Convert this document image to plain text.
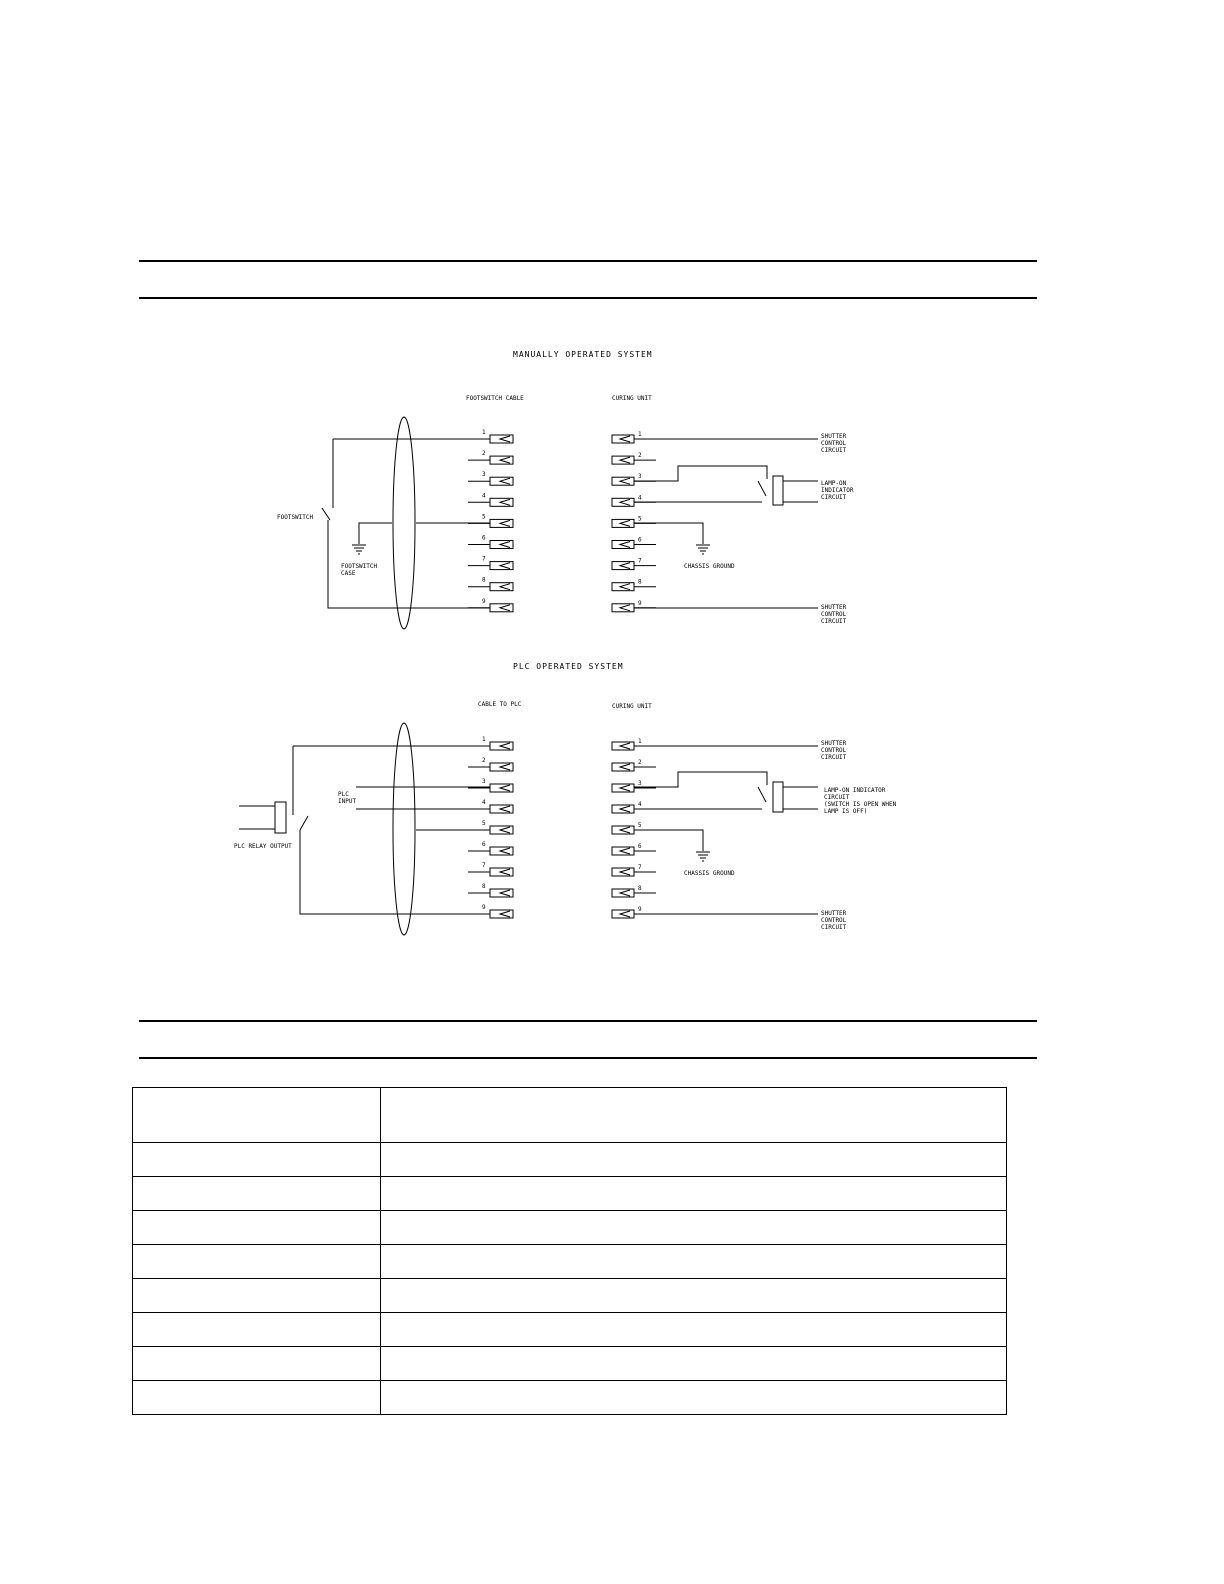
MANUALLY OPERATED SYSTEM
FOOTSWITCH CABLE	CURING UNIT
1	1
2	2
3	3
4	4
5	5
6	6
7	7
8	8
9	9
FOOTSWITCH
FOOTSWITCH
CASE
CHASSIS GROUND
SHUTTER
CONTROL
CIRCUIT
LAMP-ON
INDICATOR
CIRCUIT
SHUTTER
CONTROL
CIRCUIT
PLC OPERATED SYSTEM
CABLE TO PLC	CURING UNIT
1	1
2	2
3	3
4	4
5	5
6	6
7	7
8	8
9	9
PLC RELAY OUTPUT
PLC
INPUT
CHASSIS GROUND
SHUTTER
CONTROL
CIRCUIT
LAMP-ON INDICATOR
CIRCUIT
(SWITCH IS OPEN WHEN
LAMP IS OFF)
SHUTTER
CONTROL
CIRCUIT
